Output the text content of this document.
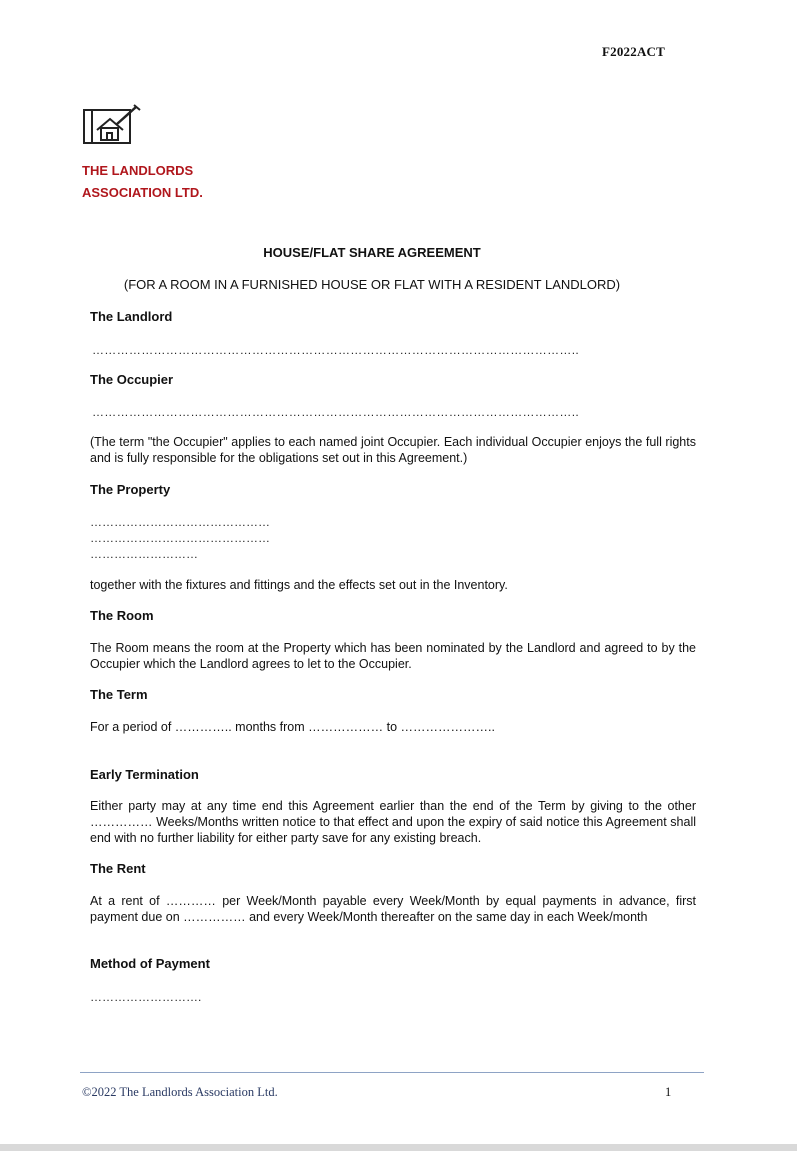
F2022ACT
THE LANDLORDS
ASSOCIATION LTD.
HOUSE/FLAT SHARE AGREEMENT
(FOR A ROOM IN A FURNISHED HOUSE OR FLAT WITH A RESIDENT LANDLORD)
The Landlord
………………………………………………………………………………………………………..
The Occupier
………………………………………………………………………………………………………..
(The term "the Occupier" applies to each named joint Occupier. Each individual Occupier enjoys the full rights and is fully responsible for the obligations set out in this Agreement.)
The Property
………………………………………
………………………………………
………………………
together with the fixtures and fittings and the effects set out in the Inventory.
The Room
The Room means the room at the Property which has been nominated by the Landlord and agreed to by the Occupier which the Landlord agrees to let to the Occupier.
The Term
For a period of ………….. months from ……………… to …………………..
Early Termination
Either party may at any time end this Agreement earlier than the end of the Term by giving to the other …………… Weeks/Months written notice to that effect and upon the expiry of said notice this Agreement shall end with no further liability for either party save for any existing breach.
The Rent
At a rent of ………… per Week/Month payable every Week/Month by equal payments in advance, first payment due on …………… and every Week/Month thereafter on the same day in each Week/month
Method of Payment
……………………….
©2022 The Landlords Association Ltd.	1
